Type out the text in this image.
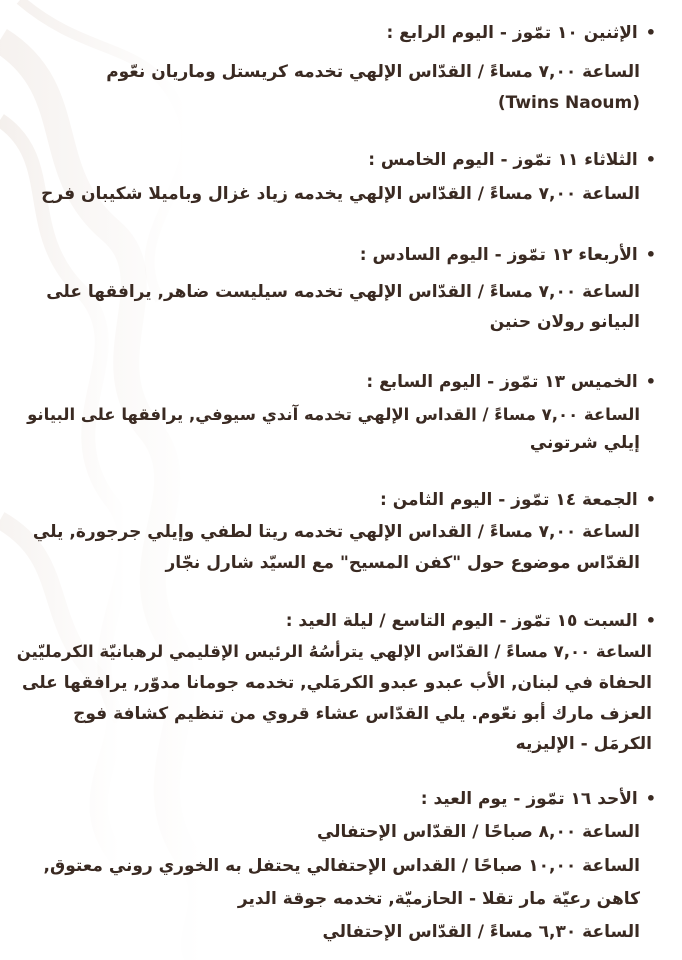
•الإثنين ١٠ تمّوز - اليوم الرابع :
الساعة ٧,٠٠ مساءً / القدّاس الإلهي تخدمه كريستل وماريان نعّوم
(Twins Naoum)
•الثلاثاء ١١ تمّوز - اليوم الخامس :
الساعة ٧,٠٠ مساءً / القدّاس الإلهي يخدمه زياد غزال وباميلا شكيبان فرح
•الأربعاء ١٢ تمّوز - اليوم السادس :
الساعة ٧,٠٠ مساءً / القدّاس الإلهي تخدمه سيليست ضاهر, يرافقها على
البيانو رولان حنين
•الخميس ١٣ تمّوز - اليوم السابع :
الساعة ٧,٠٠ مساءً / القداس الإلهي تخدمه آندي سيوفي, يرافقها على البيانو
إيلي شرتوني
•الجمعة ١٤ تمّوز - اليوم الثامن :
الساعة ٧,٠٠ مساءً / القداس الإلهي تخدمه ريتا لطفي وإيلي جرجورة, يلي
القدّاس موضوع حول "كفن المسيح" مع السيّد شارل نجّار
•السبت ١٥ تمّوز - اليوم التاسع / ليلة العيد :
الساعة ٧,٠٠ مساءً / القدّاس الإلهي يترأسُهُ الرئيس الإقليمي لرهبانيّة الكرمليّين
الحفاة في لبنان, الأب عبدو عبدو الكرمَلي, تخدمه جومانا مدوّر, يرافقها على
العزف مارك أبو نعّوم. يلي القدّاس عشاء قروي من تنظيم كشافة فوج
الكرمَل - الإليزيه
•الأحد ١٦ تمّوز - يوم العيد :
الساعة ٨,٠٠ صباحًا / القدّاس الإحتفالي
الساعة ١٠,٠٠ صباحًا / القداس الإحتفالي يحتفل به الخوري روني معتوق,
كاهن رعيّة مار تقلا - الحازميّة, تخدمه جوقة الدير
الساعة ٦,٣٠ مساءً / القدّاس الإحتفالي
